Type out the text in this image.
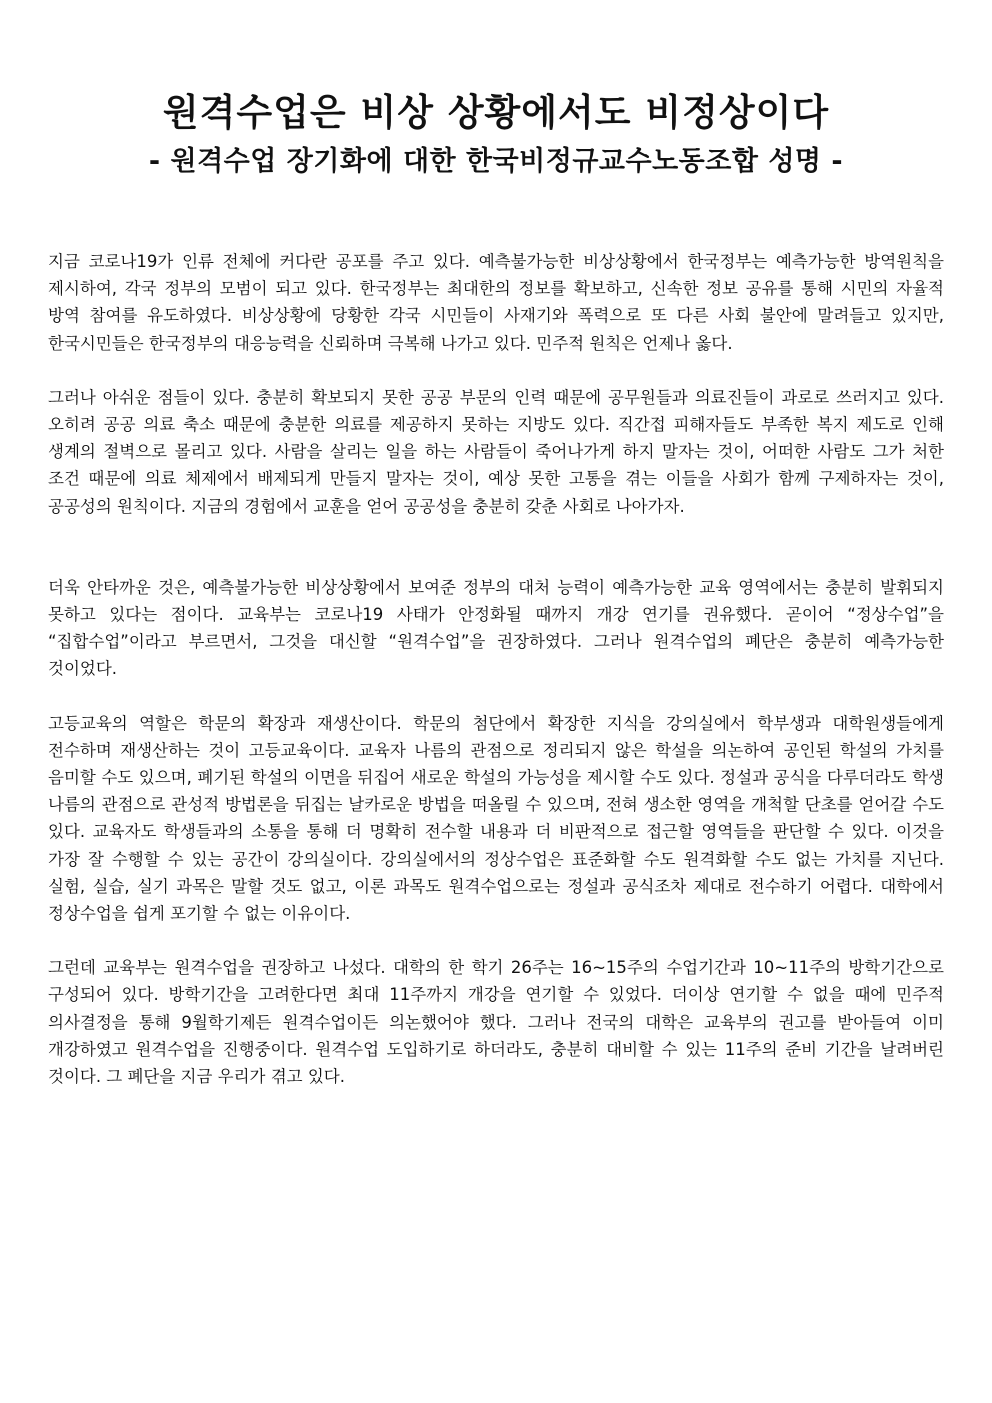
원격수업은 비상 상황에서도 비정상이다
- 원격수업 장기화에 대한 한국비정규교수노동조합 성명 -

지금 코로나19가 인류 전체에 커다란 공포를 주고 있다. 예측불가능한 비상상황에서 한국정부는 예측가능한 방역원칙을 제시하여, 각국 정부의 모범이 되고 있다. 한국정부는 최대한의 정보를 확보하고, 신속한 정보 공유를 통해 시민의 자율적 방역 참여를 유도하였다. 비상상황에 당황한 각국 시민들이 사재기와 폭력으로 또 다른 사회 불안에 말려들고 있지만, 한국시민들은 한국정부의 대응능력을 신뢰하며 극복해 나가고 있다. 민주적 원칙은 언제나 옳다.

그러나 아쉬운 점들이 있다. 충분히 확보되지 못한 공공 부문의 인력 때문에 공무원들과 의료진들이 과로로 쓰러지고 있다. 오히려 공공 의료 축소 때문에 충분한 의료를 제공하지 못하는 지방도 있다. 직간접 피해자들도 부족한 복지 제도로 인해 생계의 절벽으로 몰리고 있다. 사람을 살리는 일을 하는 사람들이 죽어나가게 하지 말자는 것이, 어떠한 사람도 그가 처한 조건 때문에 의료 체제에서 배제되게 만들지 말자는 것이, 예상 못한 고통을 겪는 이들을 사회가 함께 구제하자는 것이, 공공성의 원칙이다. 지금의 경험에서 교훈을 얻어 공공성을 충분히 갖춘 사회로 나아가자.

더욱 안타까운 것은, 예측불가능한 비상상황에서 보여준 정부의 대처 능력이 예측가능한 교육 영역에서는 충분히 발휘되지 못하고 있다는 점이다. 교육부는 코로나19 사태가 안정화될 때까지 개강 연기를 권유했다. 곧이어 “정상수업”을 “집합수업”이라고 부르면서, 그것을 대신할 “원격수업”을 권장하였다. 그러나 원격수업의 폐단은 충분히 예측가능한 것이었다.

고등교육의 역할은 학문의 확장과 재생산이다. 학문의 첨단에서 확장한 지식을 강의실에서 학부생과 대학원생들에게 전수하며 재생산하는 것이 고등교육이다. 교육자 나름의 관점으로 정리되지 않은 학설을 의논하여 공인된 학설의 가치를 음미할 수도 있으며, 폐기된 학설의 이면을 뒤집어 새로운 학설의 가능성을 제시할 수도 있다. 정설과 공식을 다루더라도 학생 나름의 관점으로 관성적 방법론을 뒤집는 날카로운 방법을 떠올릴 수 있으며, 전혀 생소한 영역을 개척할 단초를 얻어갈 수도 있다. 교육자도 학생들과의 소통을 통해 더 명확히 전수할 내용과 더 비판적으로 접근할 영역들을 판단할 수 있다. 이것을 가장 잘 수행할 수 있는 공간이 강의실이다. 강의실에서의 정상수업은 표준화할 수도 원격화할 수도 없는 가치를 지닌다. 실험, 실습, 실기 과목은 말할 것도 없고, 이론 과목도 원격수업으로는 정설과 공식조차 제대로 전수하기 어렵다. 대학에서 정상수업을 쉽게 포기할 수 없는 이유이다.

그런데 교육부는 원격수업을 권장하고 나섰다. 대학의 한 학기 26주는 16~15주의 수업기간과 10~11주의 방학기간으로 구성되어 있다. 방학기간을 고려한다면 최대 11주까지 개강을 연기할 수 있었다. 더이상 연기할 수 없을 때에 민주적 의사결정을 통해 9월학기제든 원격수업이든 의논했어야 했다. 그러나 전국의 대학은 교육부의 권고를 받아들여 이미 개강하였고 원격수업을 진행중이다. 원격수업 도입하기로 하더라도, 충분히 대비할 수 있는 11주의 준비 기간을 날려버린 것이다. 그 폐단을 지금 우리가 겪고 있다.
